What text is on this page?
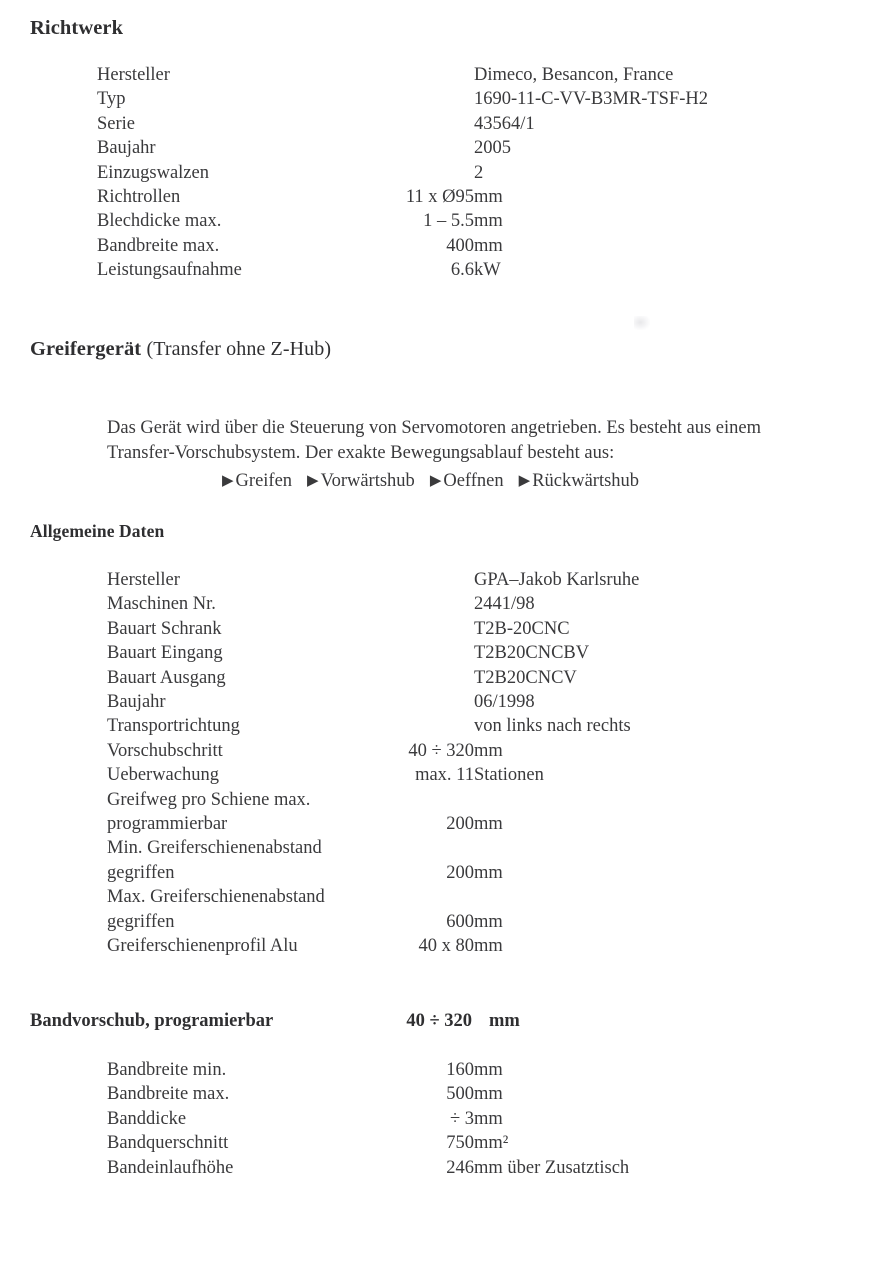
Richtwerk
Hersteller		Dimeco, Besancon, France
Typ		1690-11-C-VV-B3MR-TSF-H2
Serie		43564/1
Baujahr		2005
Einzugswalzen		2
Richtrollen	11 x Ø95	mm
Blechdicke max.	1 – 5.5	mm
Bandbreite max.	400	mm
Leistungsaufnahme	6.6	kW
Greifergerät (Transfer ohne Z-Hub)

Das Gerät wird über die Steuerung von Servomotoren angetrieben. Es besteht aus einem
Transfer-Vorschubsystem. Der exakte Bewegungsablauf besteht aus:

▶ Greifen ▶ Vorwärtshub ▶ Oeffnen ▶ Rückwärtshub
Allgemeine Daten
Hersteller		GPA–Jakob Karlsruhe
Maschinen Nr.		2441/98
Bauart Schrank		T2B-20CNC
Bauart Eingang		T2B20CNCBV
Bauart Ausgang		T2B20CNCV
Baujahr		06/1998
Transportrichtung		von links nach rechts
Vorschubschritt	40 ÷ 320	mm
Ueberwachung	max. 11	Stationen
Greifweg pro Schiene max.		
programmierbar	200	mm
Min. Greiferschienenabstand		
gegriffen	200	mm
Max. Greiferschienenabstand		
gegriffen	600	mm
Greiferschienenprofil Alu	40 x 80	mm
Bandvorschub, programierbar	40 ÷ 320 mm
Bandbreite min.	160	mm
Bandbreite max.	500	mm
Banddicke	÷ 3	mm
Bandquerschnitt	750	mm²
Bandeinlaufhöhe	246	mm über Zusatztisch
